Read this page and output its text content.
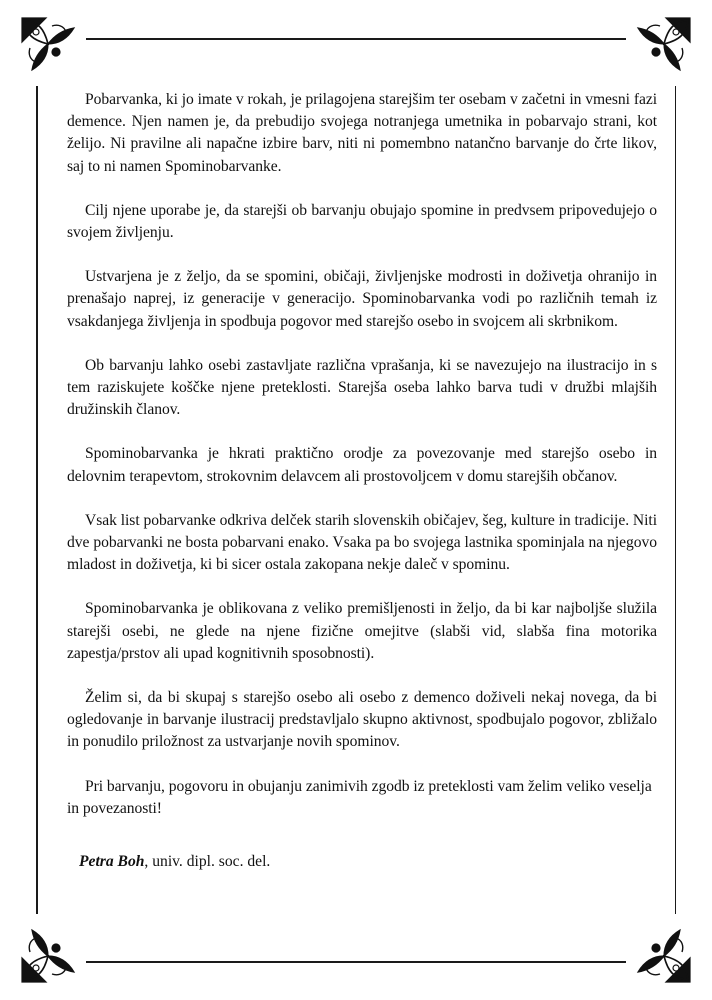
Pobarvanka, ki jo imate v rokah, je prilagojena starejšim ter osebam v začetni in vmesni fazi demence. Njen namen je, da prebudijo svojega notranjega umetnika in pobarvajo strani, kot želijo. Ni pravilne ali napačne izbire barv, niti ni pomembno natančno barvanje do črte likov, saj to ni namen Spominobarvanke.

Cilj njene uporabe je, da starejši ob barvanju obujajo spomine in predvsem pripovedujejo o svojem življenju.

Ustvarjena je z željo, da se spomini, običaji, življenjske modrosti in doživetja ohranijo in prenašajo naprej, iz generacije v generacijo. Spominobarvanka vodi po različnih temah iz vsakdanjega življenja in spodbuja pogovor med starejšo osebo in svojcem ali skrbnikom.

Ob barvanju lahko osebi zastavljate različna vprašanja, ki se navezujejo na ilustracijo in s tem raziskujete koščke njene preteklosti. Starejša oseba lahko barva tudi v družbi mlajših družinskih članov.

Spominobarvanka je hkrati praktično orodje za povezovanje med starejšo osebo in delovnim terapevtom, strokovnim delavcem ali prostovoljcem v domu starejših občanov.

Vsak list pobarvanke odkriva delček starih slovenskih običajev, šeg, kulture in tradicije. Niti dve pobarvanki ne bosta pobarvani enako. Vsaka pa bo svojega lastnika spominjala na njegovo mladost in doživetja, ki bi sicer ostala zakopana nekje daleč v spominu.

Spominobarvanka je oblikovana z veliko premišljenosti in željo, da bi kar najboljše služila starejši osebi, ne glede na njene fizične omejitve (slabši vid, slabša fina motorika zapestja/prstov ali upad kognitivnih sposobnosti).

Želim si, da bi skupaj s starejšo osebo ali osebo z demenco doživeli nekaj novega, da bi ogledovanje in barvanje ilustracij predstavljalo skupno aktivnost, spodbujalo pogovor, zbližalo in ponudilo priložnost za ustvarjanje novih spominov.

Pri barvanju, pogovoru in obujanju zanimivih zgodb iz preteklosti vam želim veliko veselja in povezanosti!

Petra Boh, univ. dipl. soc. del.
